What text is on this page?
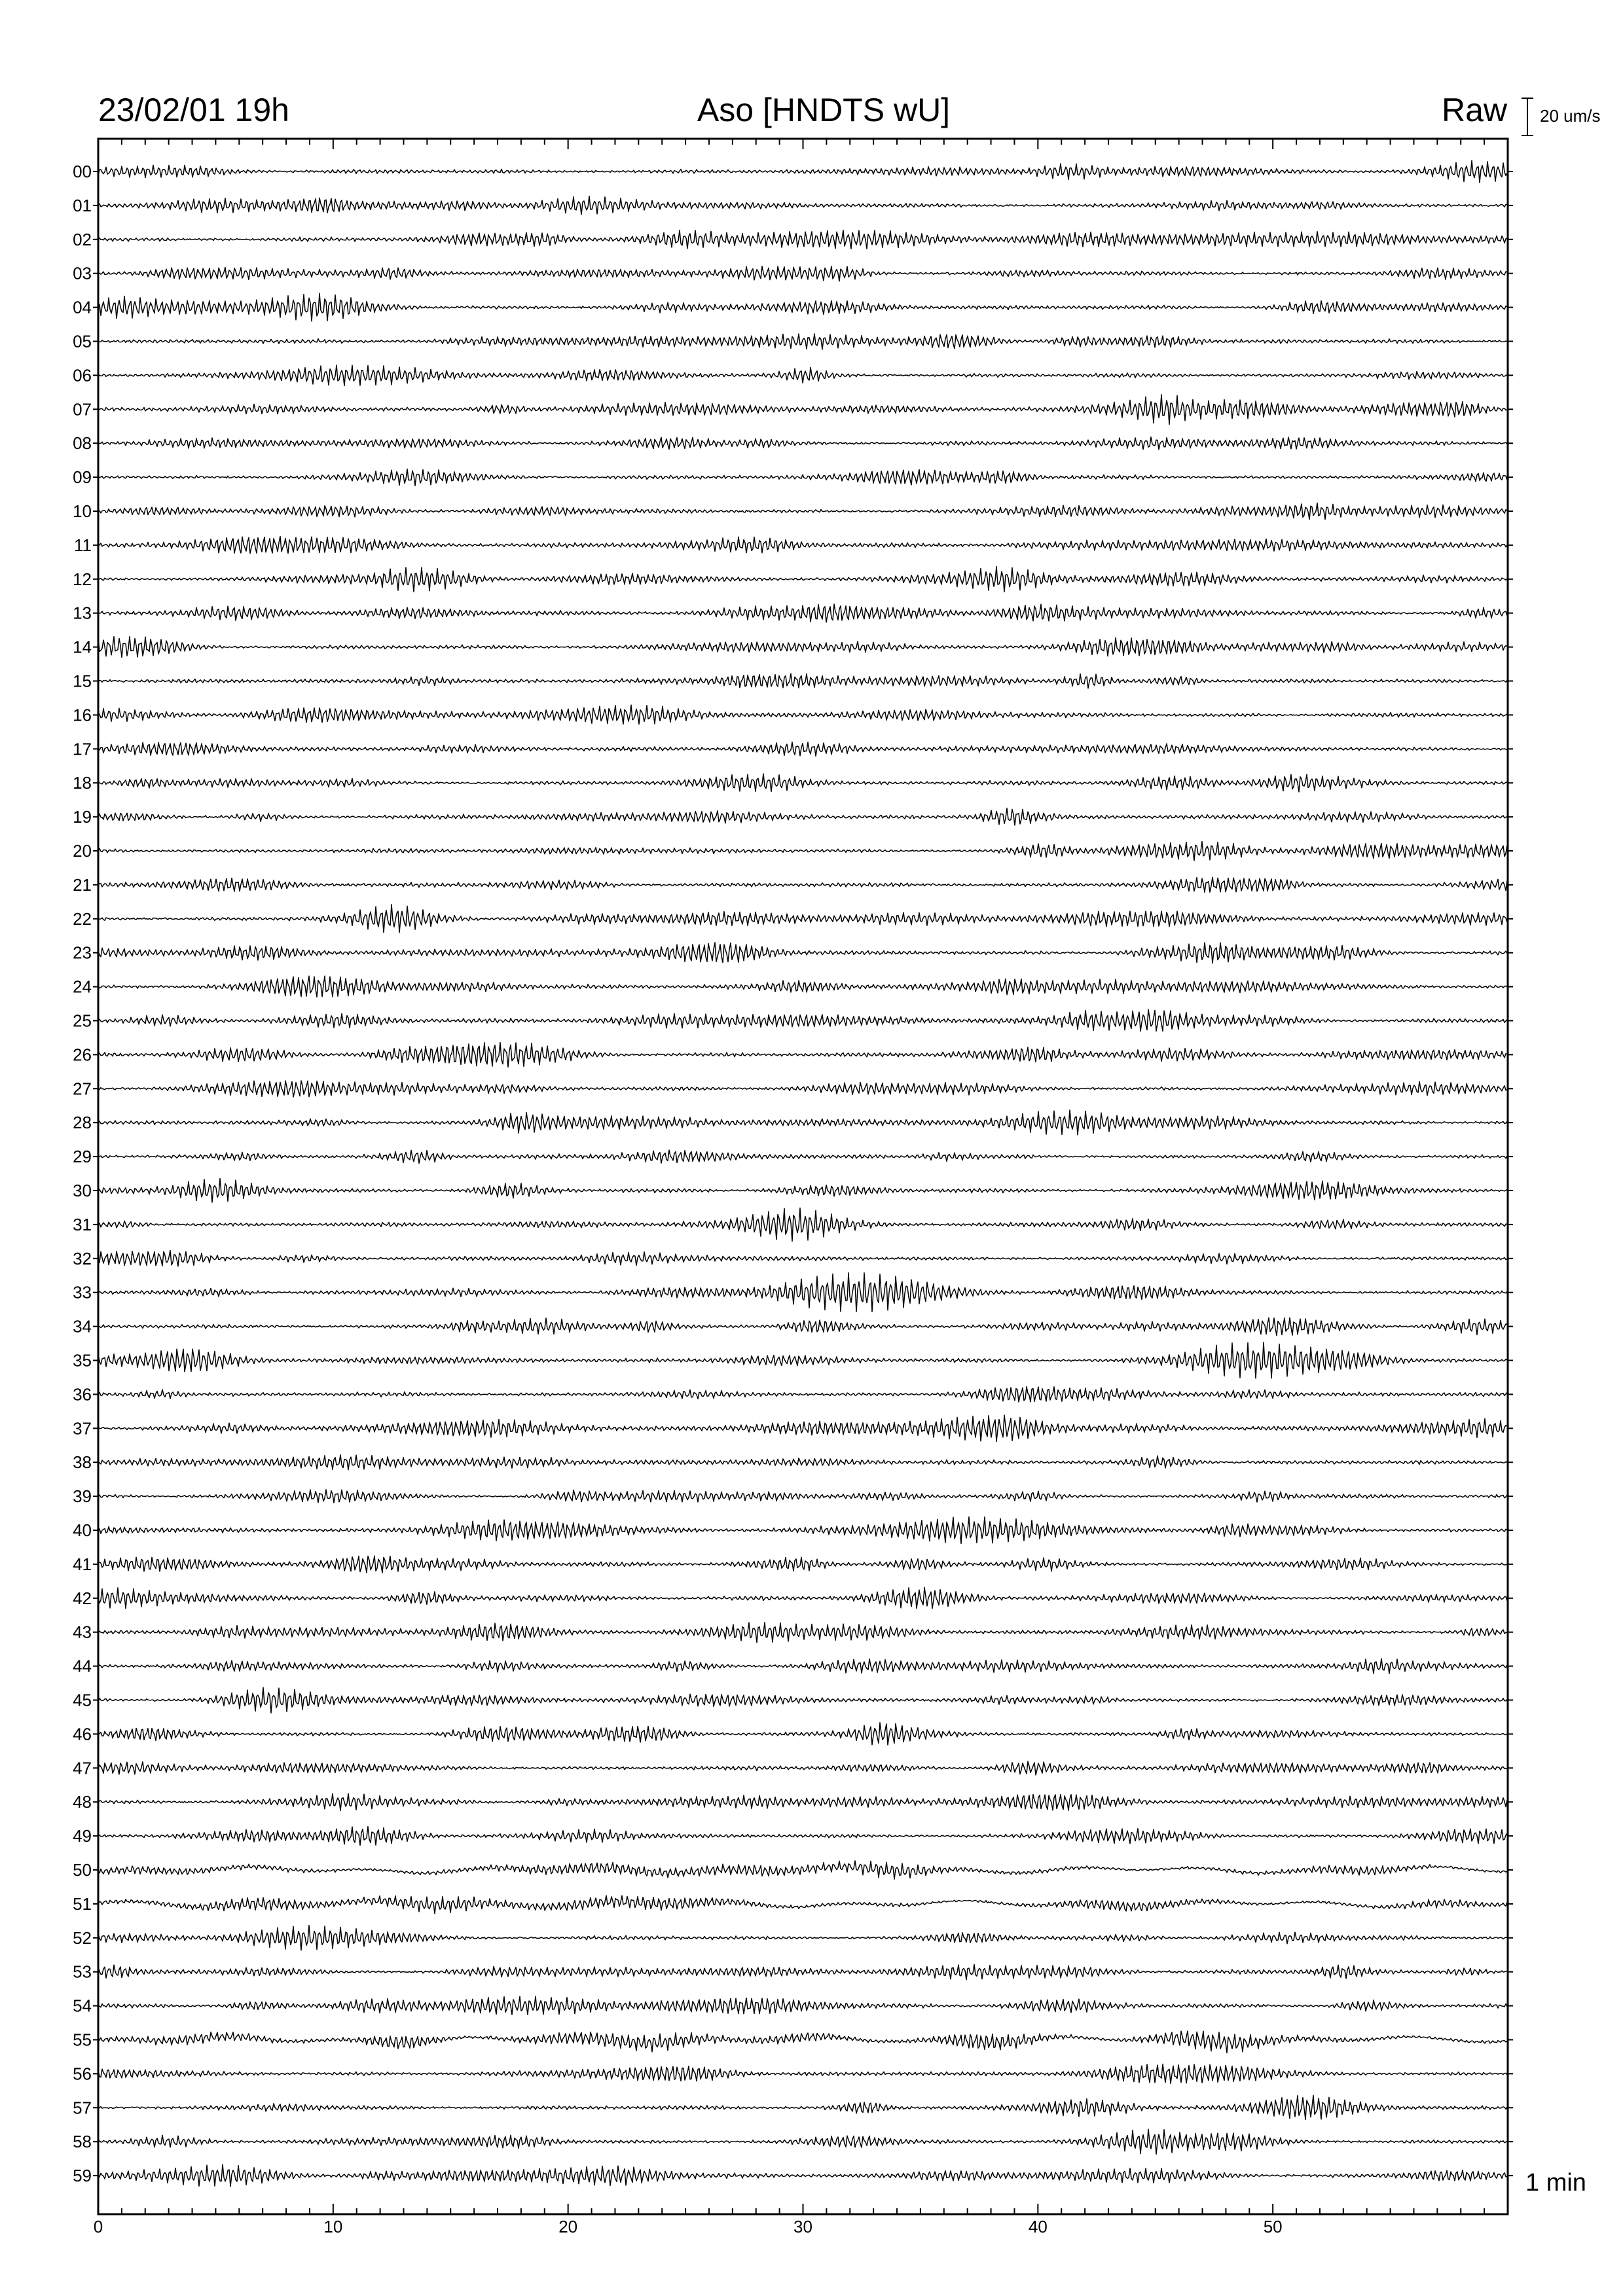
23/02/01 19h	Aso [HNDTS wU]	Raw 20 um/s
1 min
0	10	20	30	40	50
00
01
02
03
04
05
06
07
08
09
10
11
12
13
14
15
16
17
18
19
20
21
22
23
24
25
26
27
28
29
30
31
32
33
34
35
36
37
38
39
40
41
42
43
44
45
46
47
48
49
50
51
52
53
54
55
56
57
58
59
